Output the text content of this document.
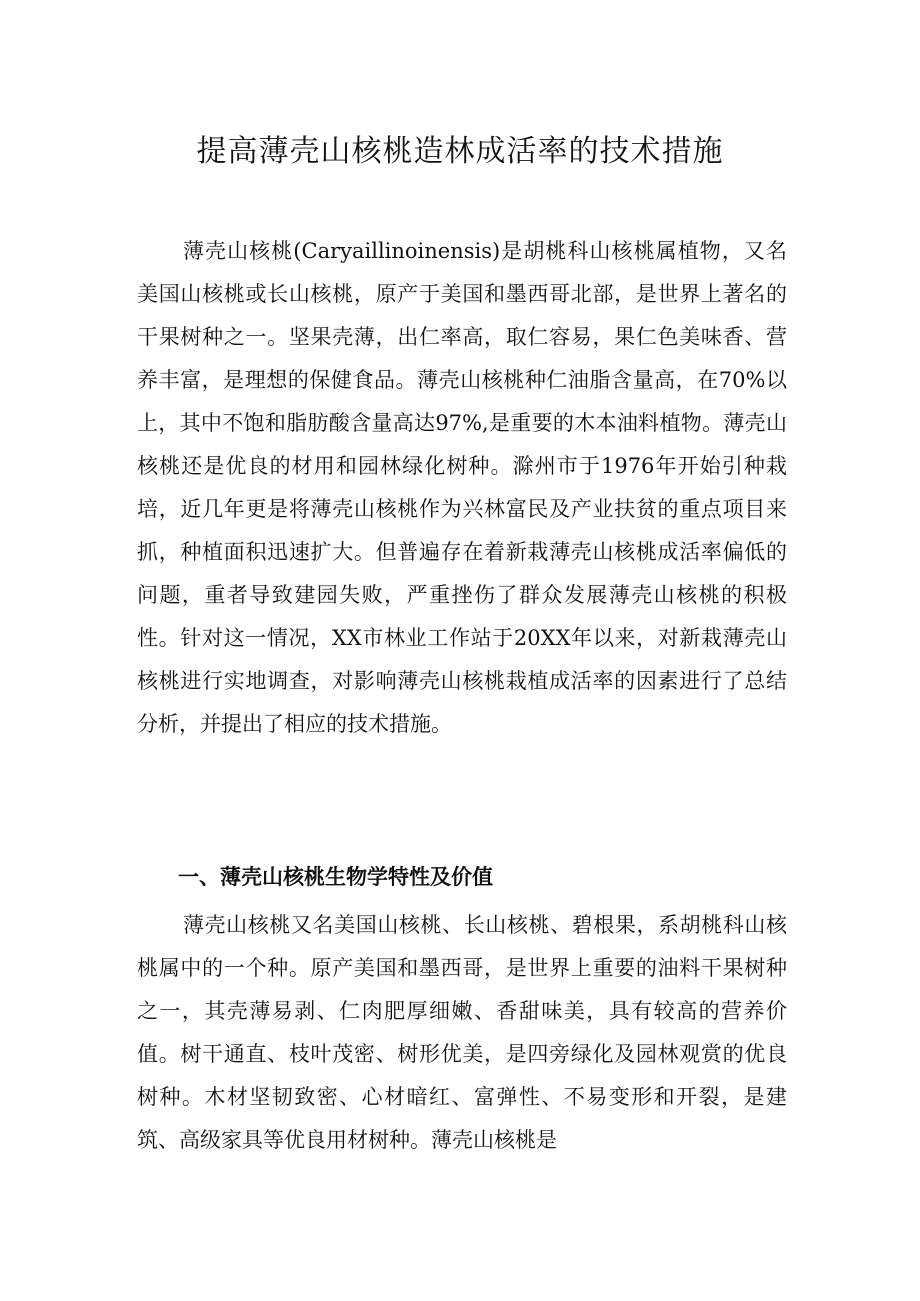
提高薄壳山核桃造林成活率的技术措施

薄壳山核桃(Caryaillinoinensis)是胡桃科山核桃属植物，又名美国山核桃或长山核桃，原产于美国和墨西哥北部，是世界上著名的干果树种之一。坚果壳薄，出仁率高，取仁容易，果仁色美味香、营养丰富，是理想的保健食品。薄壳山核桃种仁油脂含量高，在70%以上，其中不饱和脂肪酸含量高达97%,是重要的木本油料植物。薄壳山核桃还是优良的材用和园林绿化树种。滁州市于1976年开始引种栽培，近几年更是将薄壳山核桃作为兴林富民及产业扶贫的重点项目来抓，种植面积迅速扩大。但普遍存在着新栽薄壳山核桃成活率偏低的问题，重者导致建园失败，严重挫伤了群众发展薄壳山核桃的积极性。针对这一情况，XX市林业工作站于20XX年以来，对新栽薄壳山核桃进行实地调查，对影响薄壳山核桃栽植成活率的因素进行了总结分析，并提出了相应的技术措施。

一、薄壳山核桃生物学特性及价值

薄壳山核桃又名美国山核桃、长山核桃、碧根果，系胡桃科山核桃属中的一个种。原产美国和墨西哥，是世界上重要的油料干果树种之一，其壳薄易剥、仁肉肥厚细嫩、香甜味美，具有较高的营养价值。树干通直、枝叶茂密、树形优美，是四旁绿化及园林观赏的优良树种。木材坚韧致密、心材暗红、富弹性、不易变形和开裂，是建筑、高级家具等优良用材树种。薄壳山核桃是
